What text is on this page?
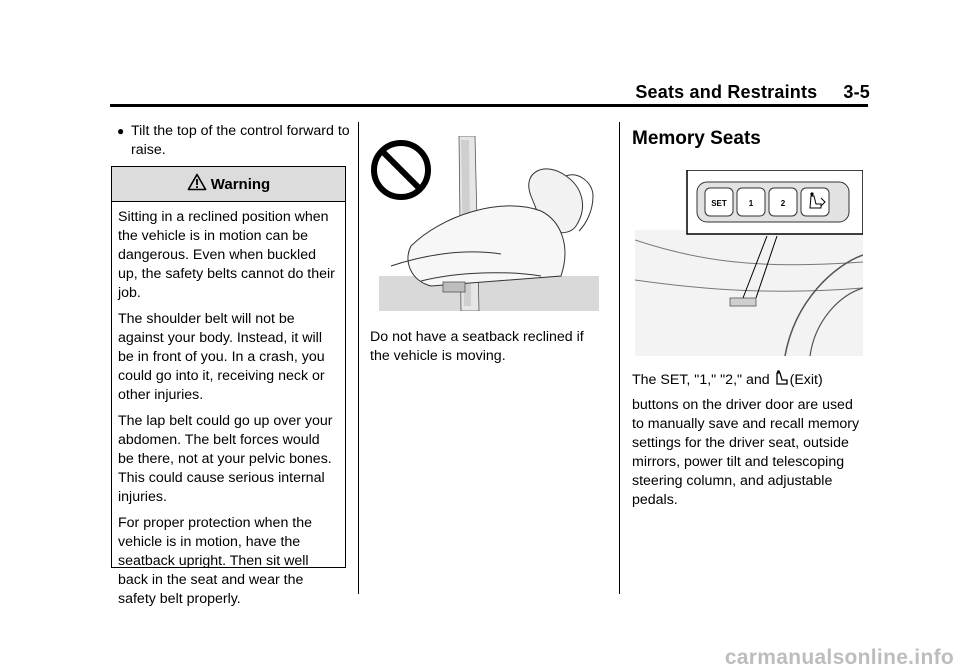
Seats and Restraints     3-5
● Tilt the top of the control forward to raise.
Warning

Sitting in a reclined position when the vehicle is in motion can be dangerous. Even when buckled up, the safety belts cannot do their job.

The shoulder belt will not be against your body. Instead, it will be in front of you. In a crash, you could go into it, receiving neck or other injuries.

The lap belt could go up over your abdomen. The belt forces would be there, not at your pelvic bones. This could cause serious internal injuries.

For proper protection when the vehicle is in motion, have the seatback upright. Then sit well back in the seat and wear the safety belt properly.

Do not have a seatback reclined if the vehicle is moving.
Memory Seats
SET	1	2

The SET, "1," "2," and (Exit)

buttons on the driver door are used to manually save and recall memory settings for the driver seat, outside mirrors, power tilt and telescoping steering column, and adjustable pedals.

carmanualsonline.info
